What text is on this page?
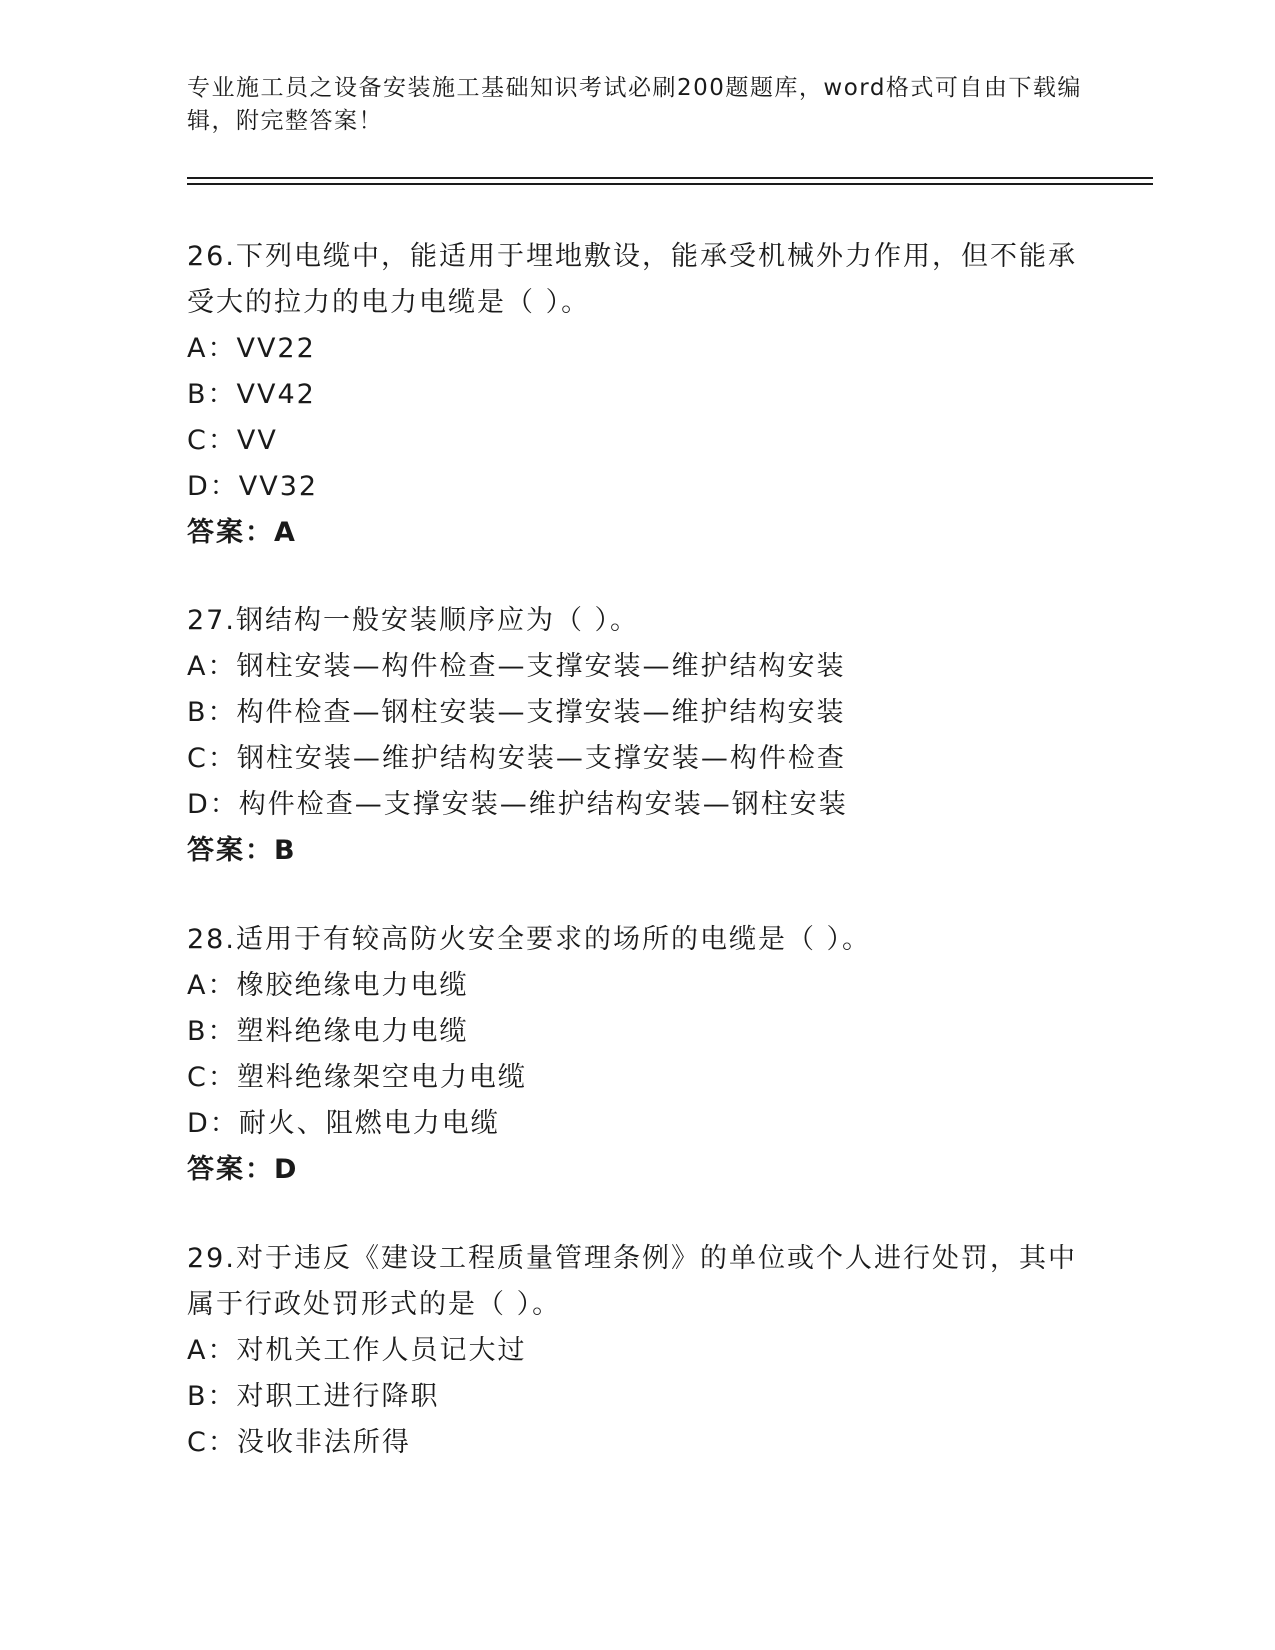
专业施工员之设备安装施工基础知识考试必刷200题题库，word格式可自由下载编辑，附完整答案！

26.下列电缆中，能适用于埋地敷设，能承受机械外力作用，但不能承受大的拉力的电力电缆是（ ）。

A：VV22

B：VV42

C：VV

D：VV32

答案：A

27.钢结构一般安装顺序应为（ ）。

A：钢柱安装—构件检查—支撑安装—维护结构安装

B：构件检查—钢柱安装—支撑安装—维护结构安装

C：钢柱安装—维护结构安装—支撑安装—构件检查

D：构件检查—支撑安装—维护结构安装—钢柱安装

答案：B

28.适用于有较高防火安全要求的场所的电缆是（ ）。

A：橡胶绝缘电力电缆

B：塑料绝缘电力电缆

C：塑料绝缘架空电力电缆

D：耐火、阻燃电力电缆

答案：D

29.对于违反《建设工程质量管理条例》的单位或个人进行处罚，其中属于行政处罚形式的是（ ）。

A：对机关工作人员记大过

B：对职工进行降职

C：没收非法所得
